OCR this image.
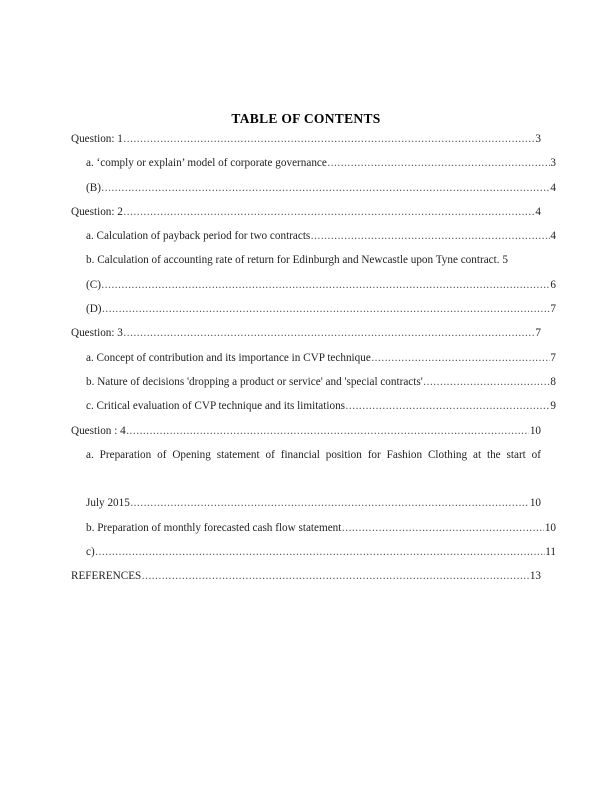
TABLE OF CONTENTS
Question: 1 .....	3
a. ‘comply or explain’ model of corporate governance .....	3
(B) .....	4
Question: 2 .....	4
a. Calculation of payback period for two contracts .....	4
b. Calculation of accounting rate of return for Edinburgh and Newcastle upon Tyne contract. 5
(C) .....	6
(D) .....	7
Question: 3 .....	7
a. Concept of contribution and its importance in CVP technique .....	7
b. Nature of decisions 'dropping a product or service' and 'special contracts' .....	8
c. Critical evaluation of CVP technique and its limitations .....	9
Question : 4 .....	10
a. Preparation of Opening statement of financial position for Fashion Clothing at the start of
July 2015 .....	10
b. Preparation of monthly forecasted cash flow statement .....	10
c) .....	11
REFERENCES .....	13
